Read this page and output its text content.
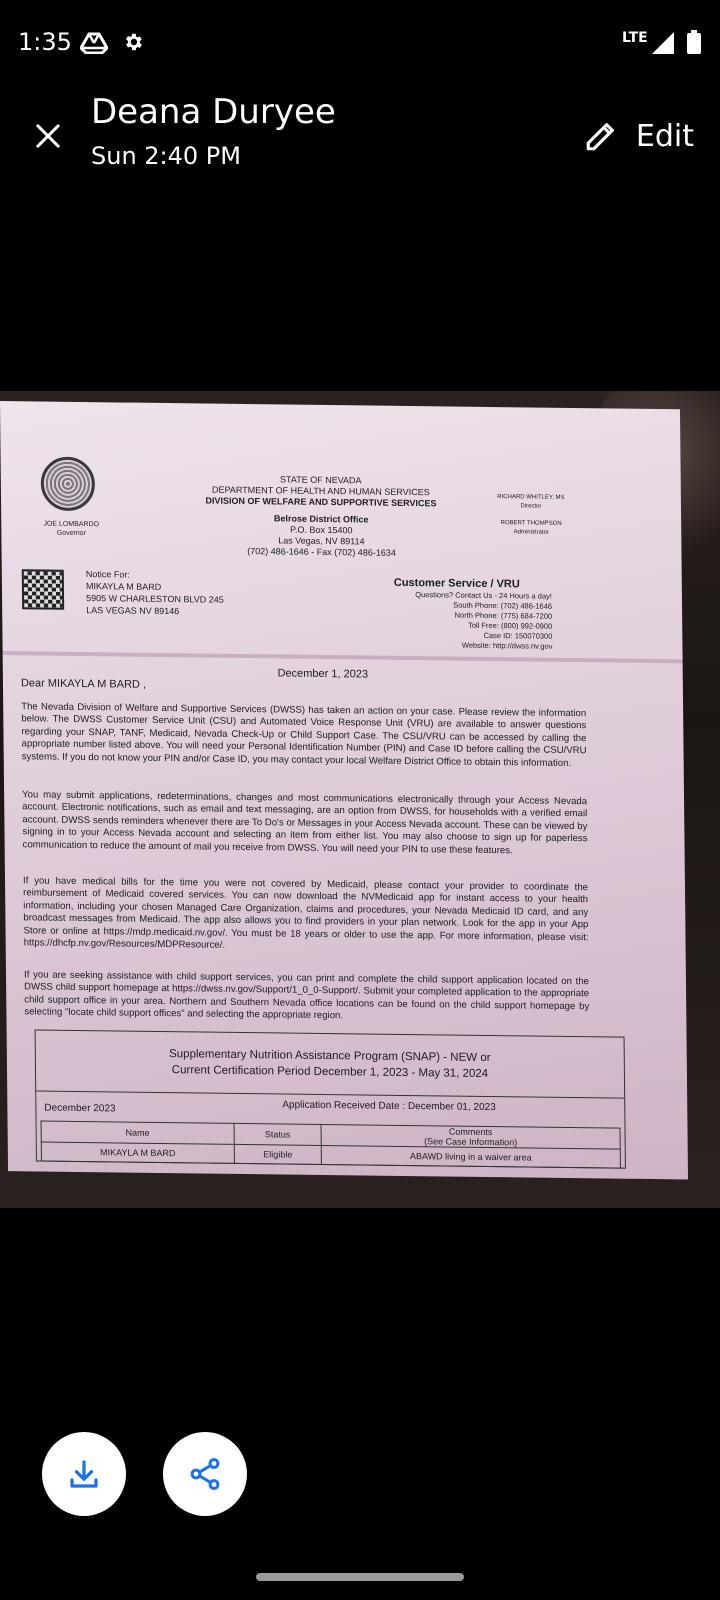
1:35	LTE
Deana Duryee
Sun 2:40 PM
Edit
JOE LOMBARDO
Governor
STATE OF NEVADA
DEPARTMENT OF HEALTH AND HUMAN SERVICES
DIVISION OF WELFARE AND SUPPORTIVE SERVICES
Belrose District Office
P.O. Box 15400
Las Vegas, NV 89114
(702) 486-1646 - Fax (702) 486-1634
RICHARD WHITLEY, MS
Director
ROBERT THOMPSON
Administrator
Notice For:
MIKAYLA M BARD
5905 W CHARLESTON BLVD 245
LAS VEGAS NV 89146
Customer Service / VRU
Questions? Contact Us - 24 Hours a day!
South Phone: (702) 486-1646
North Phone: (775) 684-7200
Toll Free: (800) 992-0900
Case ID: 150070300
Website: http://dwss.nv.gov
December 1, 2023
Dear MIKAYLA M BARD ,
The Nevada Division of Welfare and Supportive Services (DWSS) has taken an action on your case. Please review the information below. The DWSS Customer Service Unit (CSU) and Automated Voice Response Unit (VRU) are available to answer questions regarding your SNAP, TANF, Medicaid, Nevada Check-Up or Child Support Case. The CSU/VRU can be accessed by calling the appropriate number listed above. You will need your Personal Identification Number (PIN) and Case ID before calling the CSU/VRU systems. If you do not know your PIN and/or Case ID, you may contact your local Welfare District Office to obtain this information.
You may submit applications, redeterminations, changes and most communications electronically through your Access Nevada account. Electronic notifications, such as email and text messaging, are an option from DWSS, for households with a verified email account. DWSS sends reminders whenever there are To Do's or Messages in your Access Nevada account. These can be viewed by signing in to your Access Nevada account and selecting an item from either list. You may also choose to sign up for paperless communication to reduce the amount of mail you receive from DWSS. You will need your PIN to use these features.
If you have medical bills for the time you were not covered by Medicaid, please contact your provider to coordinate the reimbursement of Medicaid covered services. You can now download the NVMedicaid app for instant access to your health information, including your chosen Managed Care Organization, claims and procedures, your Nevada Medicaid ID card, and any broadcast messages from Medicaid. The app also allows you to find providers in your plan network. Look for the app in your App Store or online at https://mdp.medicaid.nv.gov/. You must be 18 years or older to use the app. For more information, please visit: https://dhcfp.nv.gov/Resources/MDPResource/.
If you are seeking assistance with child support services, you can print and complete the child support application located on the DWSS child support homepage at https://dwss.nv.gov/Support/1_0_0-Support/. Submit your completed application to the appropriate child support office in your area. Northern and Southern Nevada office locations can be found on the child support homepage by selecting "locate child support offices" and selecting the appropriate region.
Supplementary Nutrition Assistance Program (SNAP) - NEW or
Current Certification Period December 1, 2023 - May 31, 2024
December 2023	Application Received Date : December 01, 2023
Name	Status	Comments
(See Case Information)
MIKAYLA M BARD	Eligible	ABAWD living in a waiver area
